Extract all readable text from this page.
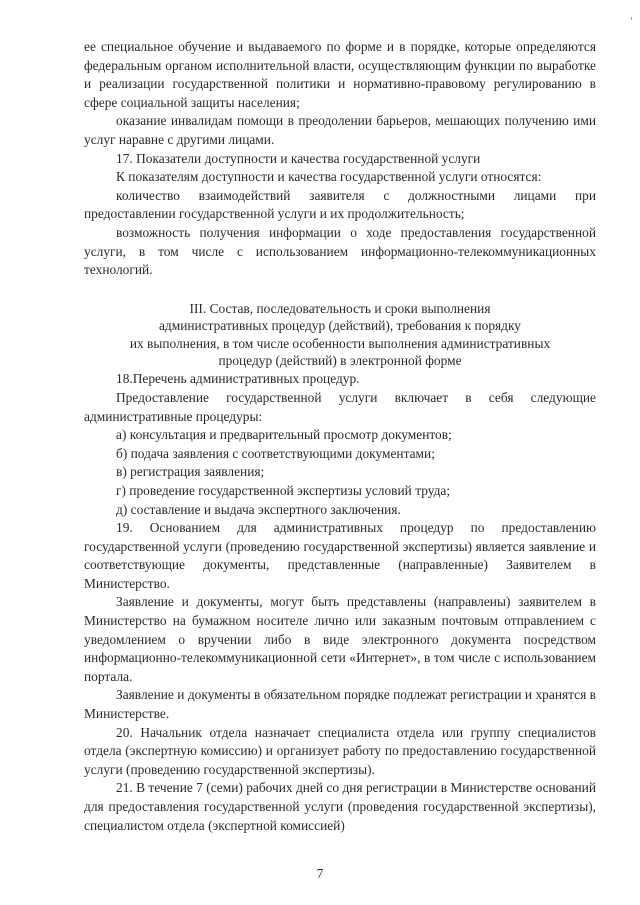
ее специальное обучение и выдаваемого по форме и в порядке, которые определяются федеральным органом исполнительной власти, осуществляющим функции по выработке и реализации государственной политики и нормативно-правовому регулированию в сфере социальной защиты населения;

оказание инвалидам помощи в преодолении барьеров, мешающих получению ими услуг наравне с другими лицами.

17. Показатели доступности и качества государственной услуги

К показателям доступности и качества государственной услуги относятся:

количество взаимодействий заявителя с должностными лицами при предоставлении государственной услуги и их продолжительность;

возможность получения информации о ходе предоставления государственной услуги, в том числе с использованием информационно-телекоммуникационных технологий.

III. Состав, последовательность и сроки выполнения
административных процедур (действий), требования к порядку
их выполнения, в том числе особенности выполнения административных
процедур (действий) в электронной форме

18.Перечень административных процедур.

Предоставление государственной услуги включает в себя следующие административные процедуры:

а) консультация и предварительный просмотр документов;

б) подача заявления с соответствующими документами;

в) регистрация заявления;

г) проведение государственной экспертизы условий труда;

д) составление и выдача экспертного заключения.

19. Основанием для административных процедур по предоставлению государственной услуги (проведению государственной экспертизы) является заявление и соответствующие документы, представленные (направленные) Заявителем в Министерство.

Заявление и документы, могут быть представлены (направлены) заявителем в Министерство на бумажном носителе лично или заказным почтовым отправлением с уведомлением о вручении либо в виде электронного документа посредством информационно-телекоммуникационной сети «Интернет», в том числе с использованием портала.

Заявление и документы в обязательном порядке подлежат регистрации и хранятся в Министерстве.

20. Начальник отдела назначает специалиста отдела или группу специалистов отдела (экспертную комиссию) и организует работу по предоставлению государственной услуги (проведению государственной экспертизы).

21. В течение 7 (семи) рабочих дней со дня регистрации в Министерстве оснований для предоставления государственной услуги (проведения государственной экспертизы), специалистом отдела (экспертной комиссией)

7
